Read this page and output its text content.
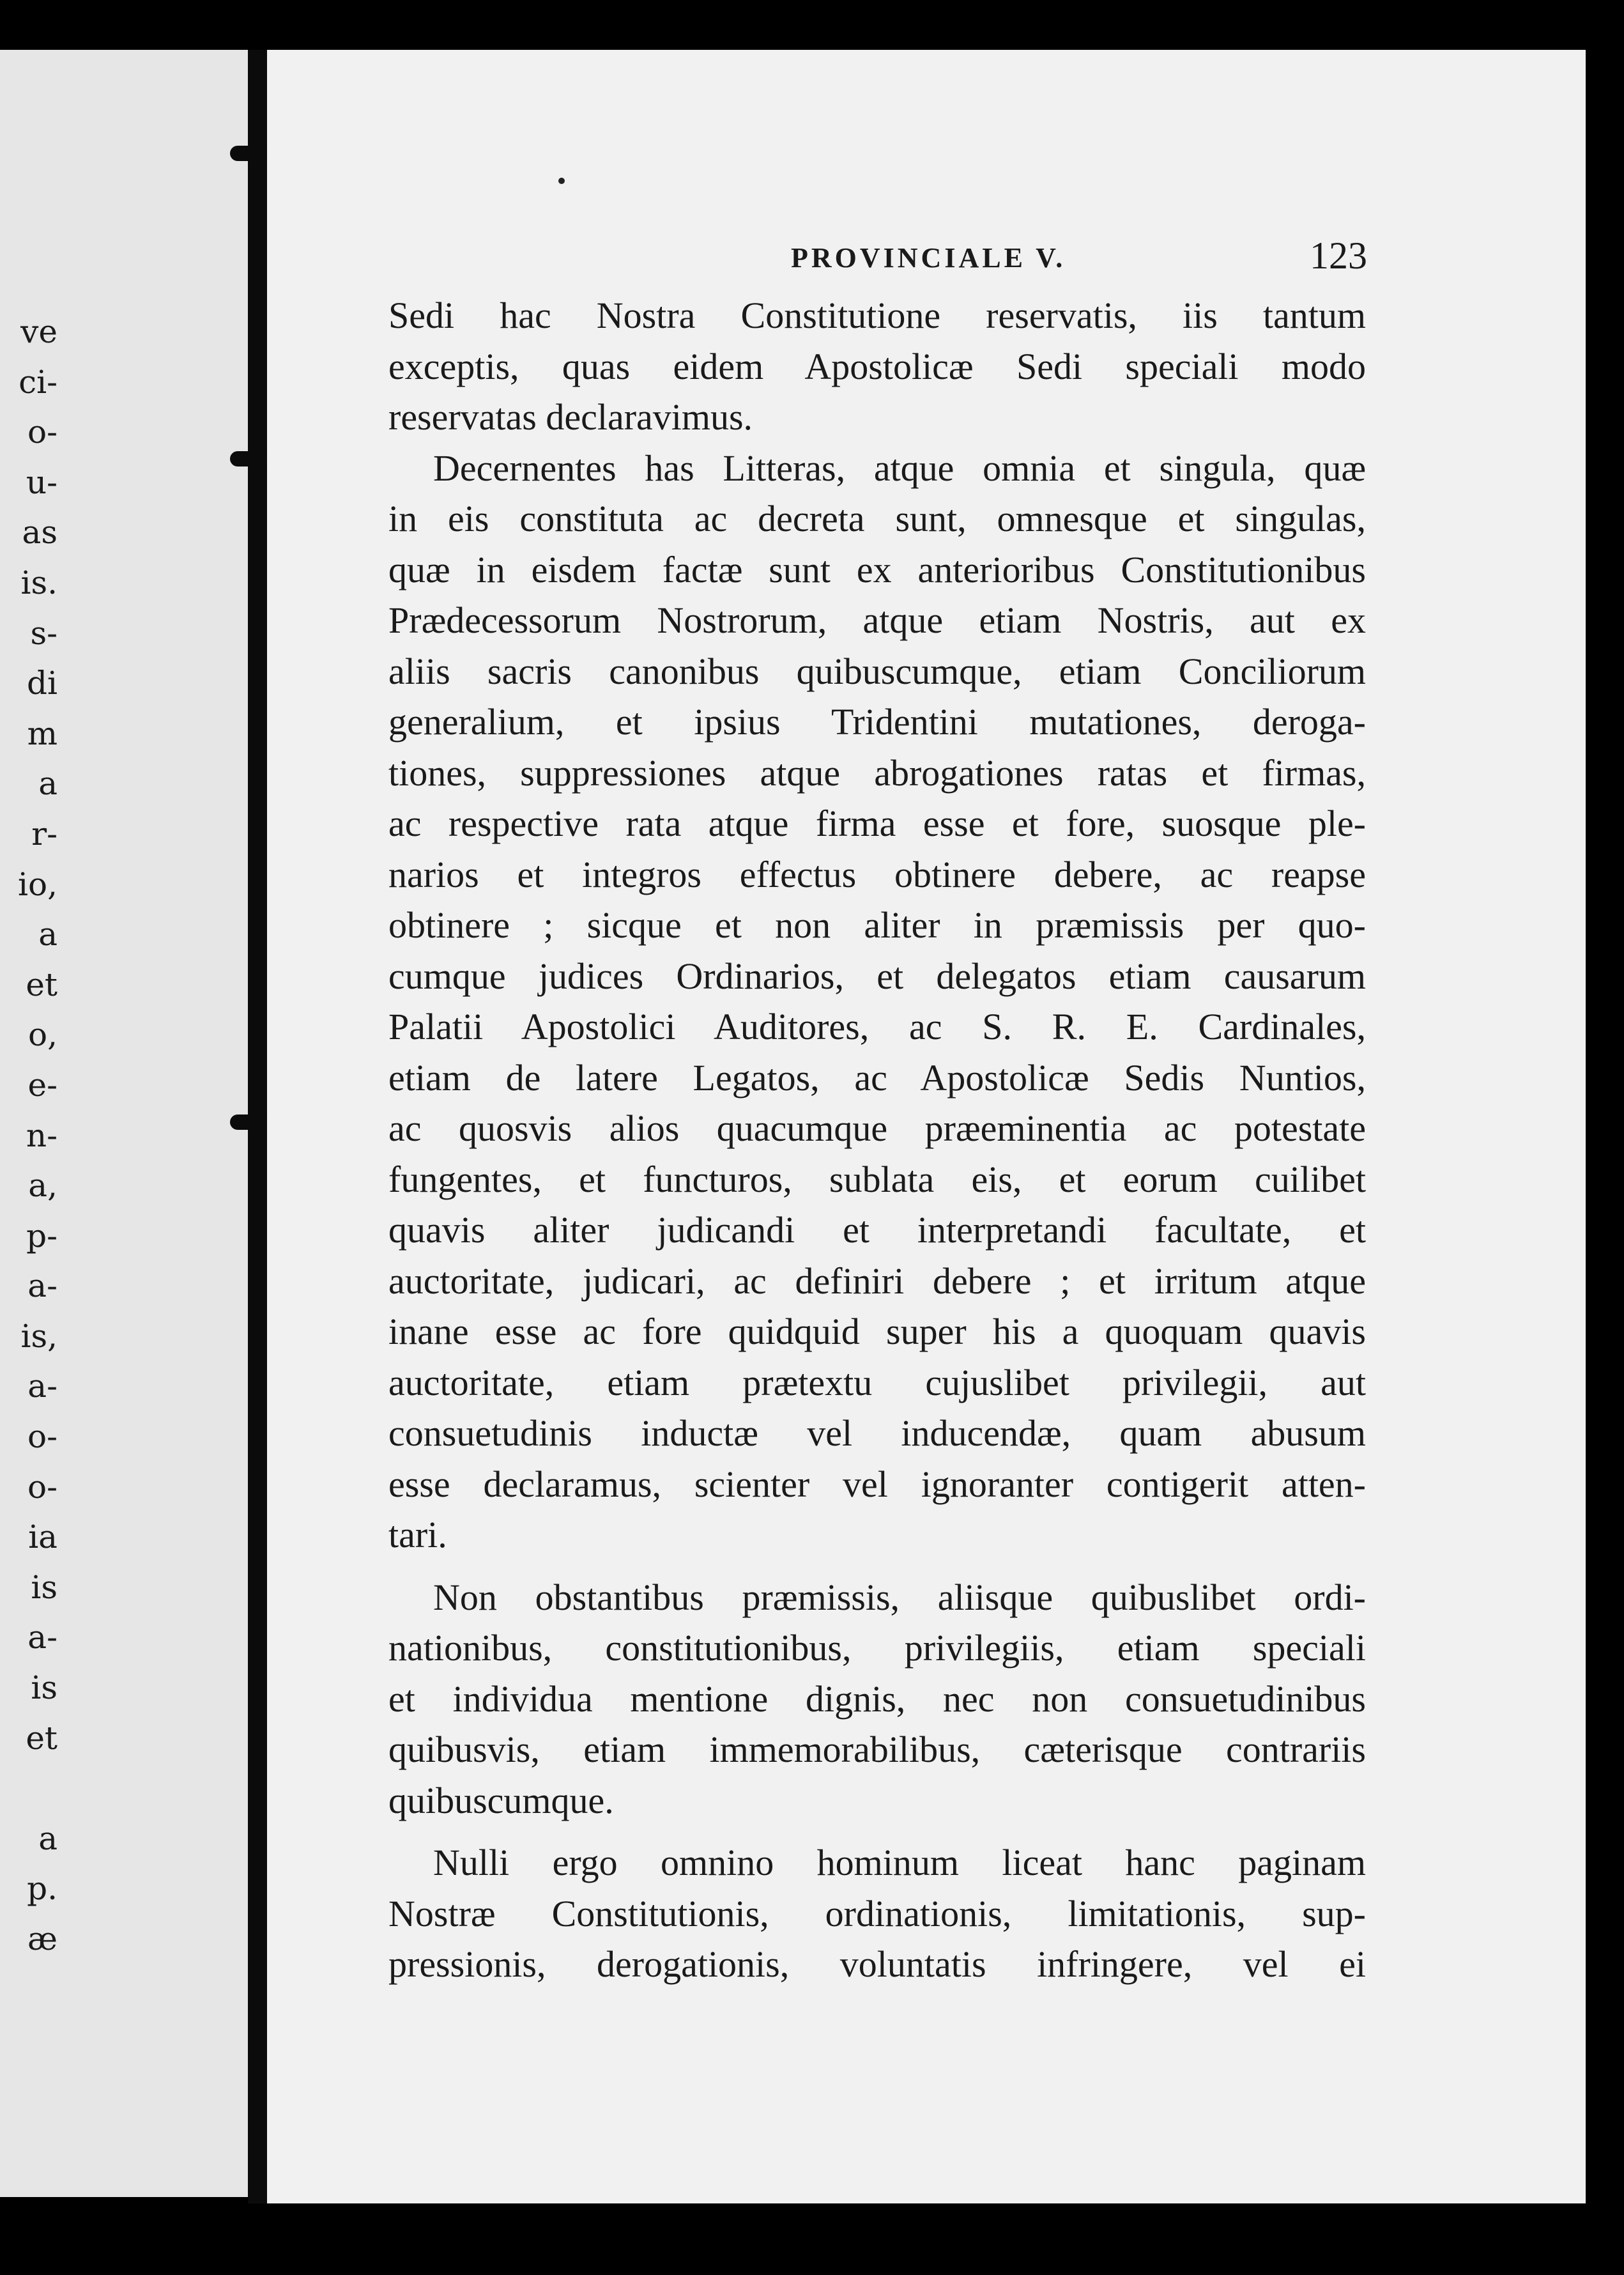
ve
ci-
o-
u-
as
is.
s-
di
m
a
r-
io,
a
et
o,
e-
n-
a,
p-
a-
is,
a-
o-
o-
ia
is
a-
is
et
a
p.
æ
PROVINCIALE V.	123
Sedi hac Nostra Constitutione reservatis, iis tantum
exceptis, quas eidem Apostolicæ Sedi speciali modo
reservatas declaravimus.
Decernentes has Litteras, atque omnia et singula, quæ
in eis constituta ac decreta sunt, omnesque et singulas,
quæ in eisdem factæ sunt ex anterioribus Constitutionibus
Prædecessorum Nostrorum, atque etiam Nostris, aut ex
aliis sacris canonibus quibuscumque, etiam Conciliorum
generalium, et ipsius Tridentini mutationes, deroga-
tiones, suppressiones atque abrogationes ratas et firmas,
ac respective rata atque firma esse et fore, suosque ple-
narios et integros effectus obtinere debere, ac reapse
obtinere ; sicque et non aliter in præmissis per quo-
cumque judices Ordinarios, et delegatos etiam causarum
Palatii Apostolici Auditores, ac S. R. E. Cardinales,
etiam de latere Legatos, ac Apostolicæ Sedis Nuntios,
ac quosvis alios quacumque præeminentia ac potestate
fungentes, et functuros, sublata eis, et eorum cuilibet
quavis aliter judicandi et interpretandi facultate, et
auctoritate, judicari, ac definiri debere ; et irritum atque
inane esse ac fore quidquid super his a quoquam quavis
auctoritate, etiam prætextu cujuslibet privilegii, aut
consuetudinis inductæ vel inducendæ, quam abusum
esse declaramus, scienter vel ignoranter contigerit atten-
tari.
Non obstantibus præmissis, aliisque quibuslibet ordi-
nationibus, constitutionibus, privilegiis, etiam speciali
et individua mentione dignis, nec non consuetudinibus
quibusvis, etiam immemorabilibus, cæterisque contrariis
quibuscumque.
Nulli ergo omnino hominum liceat hanc paginam
Nostræ Constitutionis, ordinationis, limitationis, sup-
pressionis, derogationis, voluntatis infringere, vel ei
